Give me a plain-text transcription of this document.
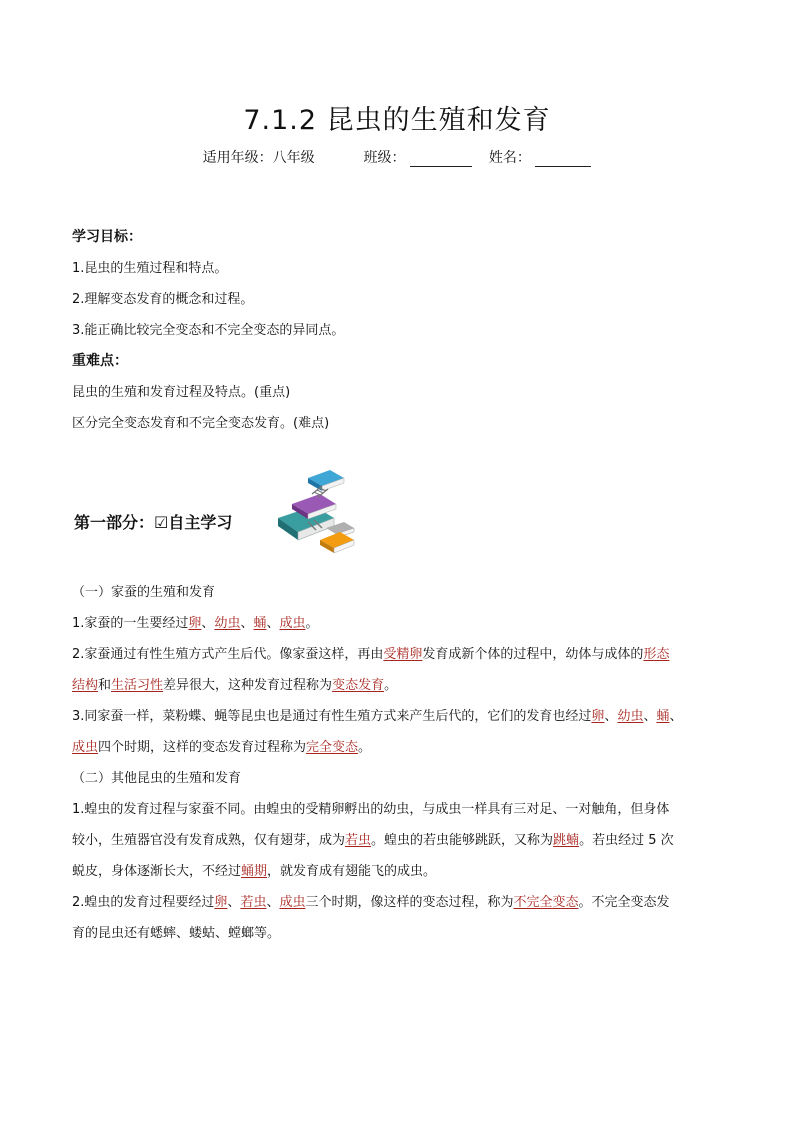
7.1.2 昆虫的生殖和发育
适用年级：八年级	班级：	姓名：
学习目标：
1.昆虫的生殖过程和特点。
2.理解变态发育的概念和过程。
3.能正确比较完全变态和不完全变态的异同点。
重难点：
昆虫的生殖和发育过程及特点。(重点)
区分完全变态发育和不完全变态发育。(难点)
第一部分：☑自主学习
（一）家蚕的生殖和发育
1.家蚕的一生要经过卵、幼虫、蛹、成虫。
2.家蚕通过有性生殖方式产生后代。像家蚕这样，再由受精卵发育成新个体的过程中，幼体与成体的形态
结构和生活习性差异很大，这种发育过程称为变态发育。
3.同家蚕一样，菜粉蝶、蝇等昆虫也是通过有性生殖方式来产生后代的，它们的发育也经过卵、幼虫、蛹、
成虫四个时期，这样的变态发育过程称为完全变态。
（二）其他昆虫的生殖和发育
1.蝗虫的发育过程与家蚕不同。由蝗虫的受精卵孵出的幼虫，与成虫一样具有三对足、一对触角，但身体
较小，生殖器官没有发育成熟，仅有翅芽，成为若虫。蝗虫的若虫能够跳跃，又称为跳蝻。若虫经过 5 次
蜕皮，身体逐渐长大，不经过蛹期，就发育成有翅能飞的成虫。
2.蝗虫的发育过程要经过卵、若虫、成虫三个时期，像这样的变态过程，称为不完全变态。不完全变态发
育的昆虫还有蟋蟀、蝼蛄、螳螂等。
